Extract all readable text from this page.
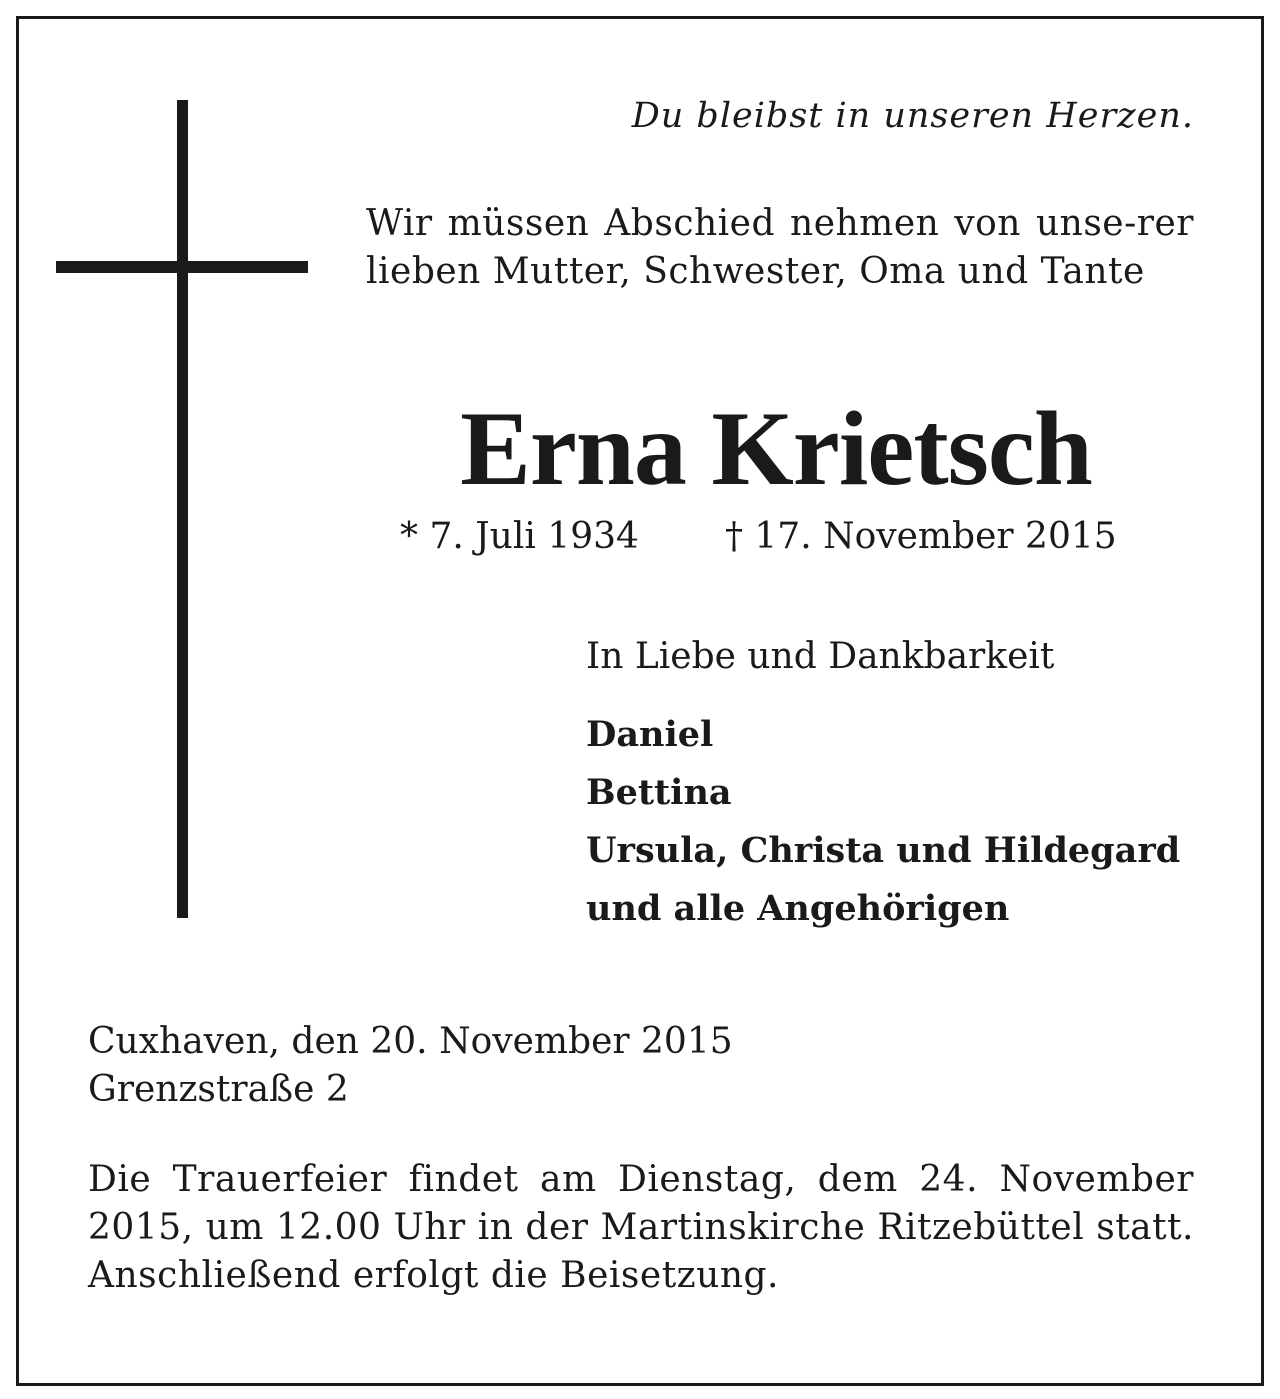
Du bleibst in unseren Herzen.
Wir müssen Abschied nehmen von unse-rer lieben Mutter, Schwester, Oma und Tante
Erna Krietsch
* 7. Juli 1934 † 17. November 2015
In Liebe und Dankbarkeit
Daniel
Bettina
Ursula, Christa und Hildegard
und alle Angehörigen
Cuxhaven, den 20. November 2015
Grenzstraße 2
Die Trauerfeier findet am Dienstag, dem 24. November 2015, um 12.00 Uhr in der Martinskirche Ritzebüttel statt. Anschließend erfolgt die Beisetzung.
